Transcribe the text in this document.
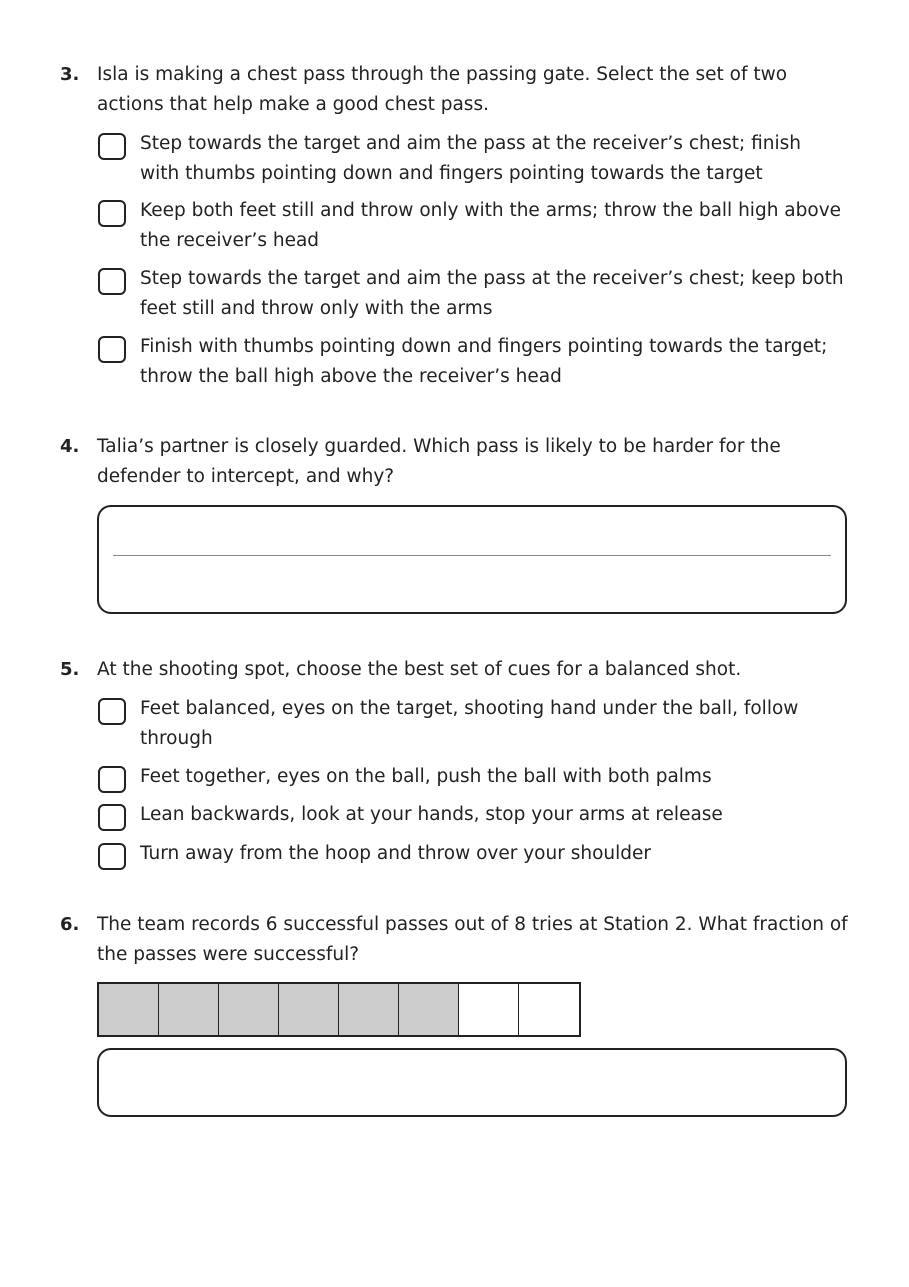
3. Isla is making a chest pass through the passing gate. Select the set of two actions that help make a good chest pass.
Step towards the target and aim the pass at the receiver’s chest; finish with thumbs pointing down and fingers pointing towards the target
Keep both feet still and throw only with the arms; throw the ball high above the receiver’s head
Step towards the target and aim the pass at the receiver’s chest; keep both feet still and throw only with the arms
Finish with thumbs pointing down and fingers pointing towards the target; throw the ball high above the receiver’s head
4. Talia’s partner is closely guarded. Which pass is likely to be harder for the defender to intercept, and why?
5. At the shooting spot, choose the best set of cues for a balanced shot.
Feet balanced, eyes on the target, shooting hand under the ball, follow through
Feet together, eyes on the ball, push the ball with both palms
Lean backwards, look at your hands, stop your arms at release
Turn away from the hoop and throw over your shoulder
6. The team records 6 successful passes out of 8 tries at Station 2. What fraction of the passes were successful?
